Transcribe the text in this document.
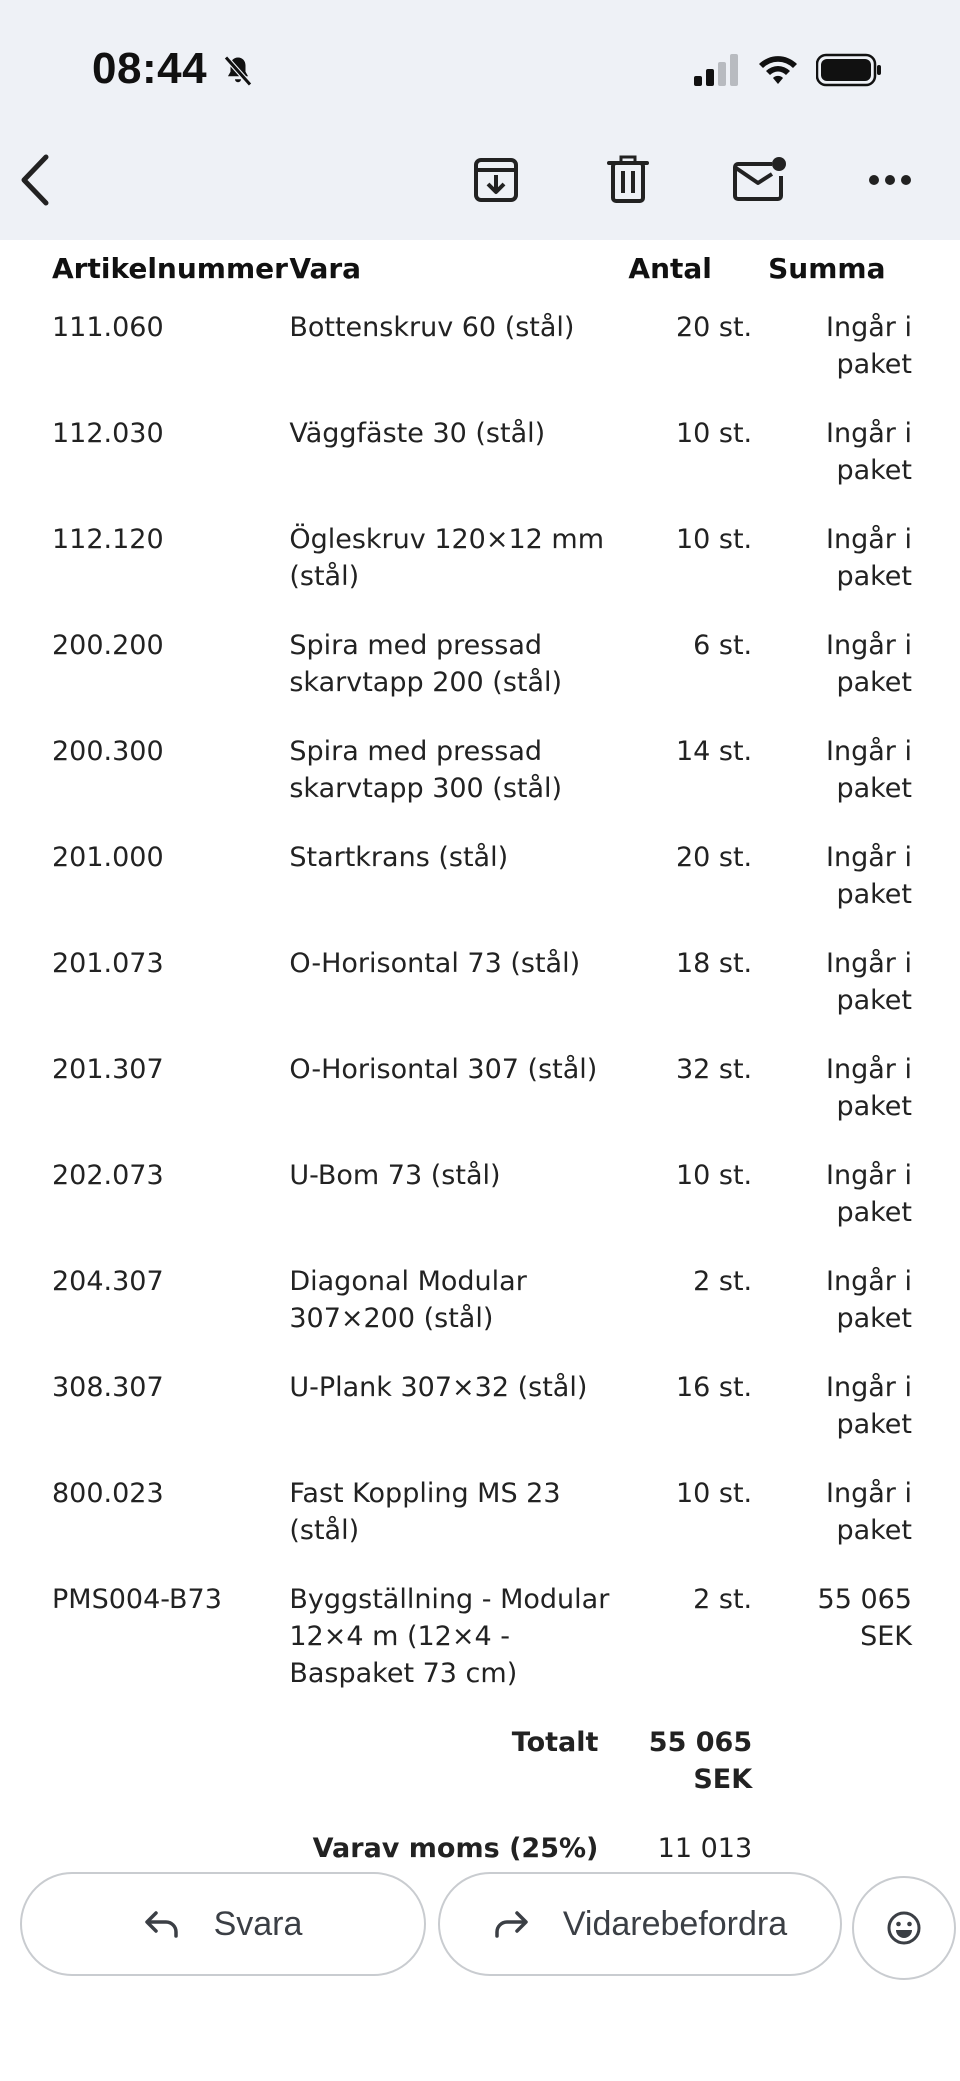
08:44
Artikelnummer	Vara	Antal	Summa
111.060	Bottenskruv 60 (stål)	20 st.	Ingår i paket
112.030	Väggfäste 30 (stål)	10 st.	Ingår i paket
112.120	Ögleskruv 120×12 mm (stål)	10 st.	Ingår i paket
200.200	Spira med pressad skarvtapp 200 (stål)	6 st.	Ingår i paket
200.300	Spira med pressad skarvtapp 300 (stål)	14 st.	Ingår i paket
201.000	Startkrans (stål)	20 st.	Ingår i paket
201.073	O-Horisontal 73 (stål)	18 st.	Ingår i paket
201.307	O-Horisontal 307 (stål)	32 st.	Ingår i paket
202.073	U-Bom 73 (stål)	10 st.	Ingår i paket
204.307	Diagonal Modular 307×200 (stål)	2 st.	Ingår i paket
308.307	U-Plank 307×32 (stål)	16 st.	Ingår i paket
800.023	Fast Koppling MS 23 (stål)	10 st.	Ingår i paket
PMS004-B73	Byggställning - Modular 12×4 m (12×4 - Baspaket 73 cm)	2 st.	55 065 SEK
Totalt		55 065 SEK	
Varav moms (25%)		11 013	
Svara	Vidarebefordra
